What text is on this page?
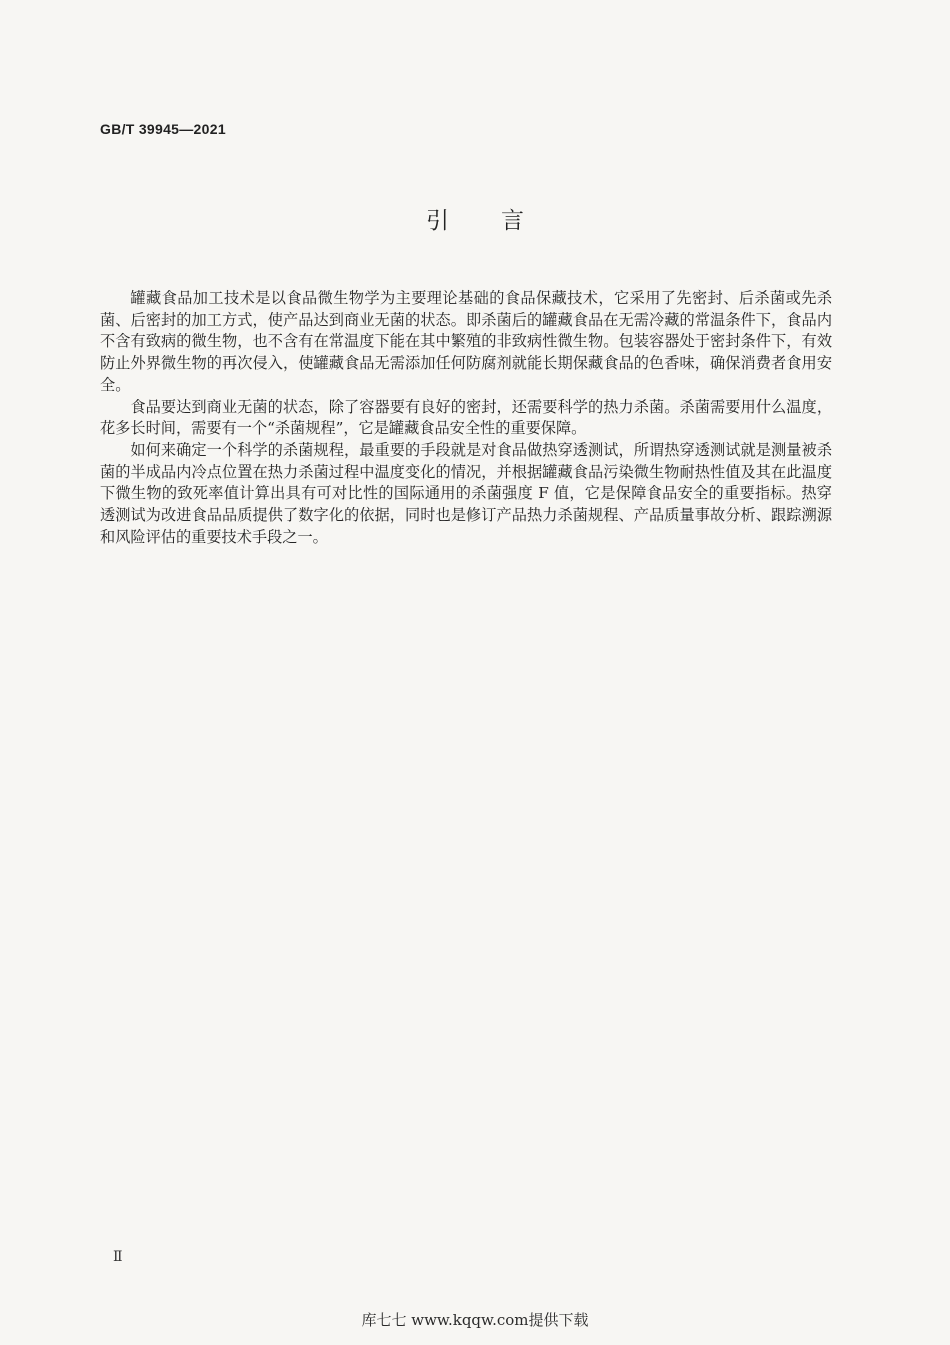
GB/T 39945—2021
引言

罐藏食品加工技术是以食品微生物学为主要理论基础的食品保藏技术，它采用了先密封、后杀菌或先杀菌、后密封的加工方式，使产品达到商业无菌的状态。即杀菌后的罐藏食品在无需冷藏的常温条件下，食品内不含有致病的微生物，也不含有在常温度下能在其中繁殖的非致病性微生物。包装容器处于密封条件下，有效防止外界微生物的再次侵入，使罐藏食品无需添加任何防腐剂就能长期保藏食品的色香味，确保消费者食用安全。

食品要达到商业无菌的状态，除了容器要有良好的密封，还需要科学的热力杀菌。杀菌需要用什么温度，花多长时间，需要有一个“杀菌规程”，它是罐藏食品安全性的重要保障。

如何来确定一个科学的杀菌规程，最重要的手段就是对食品做热穿透测试，所谓热穿透测试就是测量被杀菌的半成品内冷点位置在热力杀菌过程中温度变化的情况，并根据罐藏食品污染微生物耐热性值及其在此温度下微生物的致死率值计算出具有可对比性的国际通用的杀菌强度 F 值，它是保障食品安全的重要指标。热穿透测试为改进食品品质提供了数字化的依据，同时也是修订产品热力杀菌规程、产品质量事故分析、跟踪溯源和风险评估的重要技术手段之一。

Ⅱ
库七七 www.kqqw.com提供下载
